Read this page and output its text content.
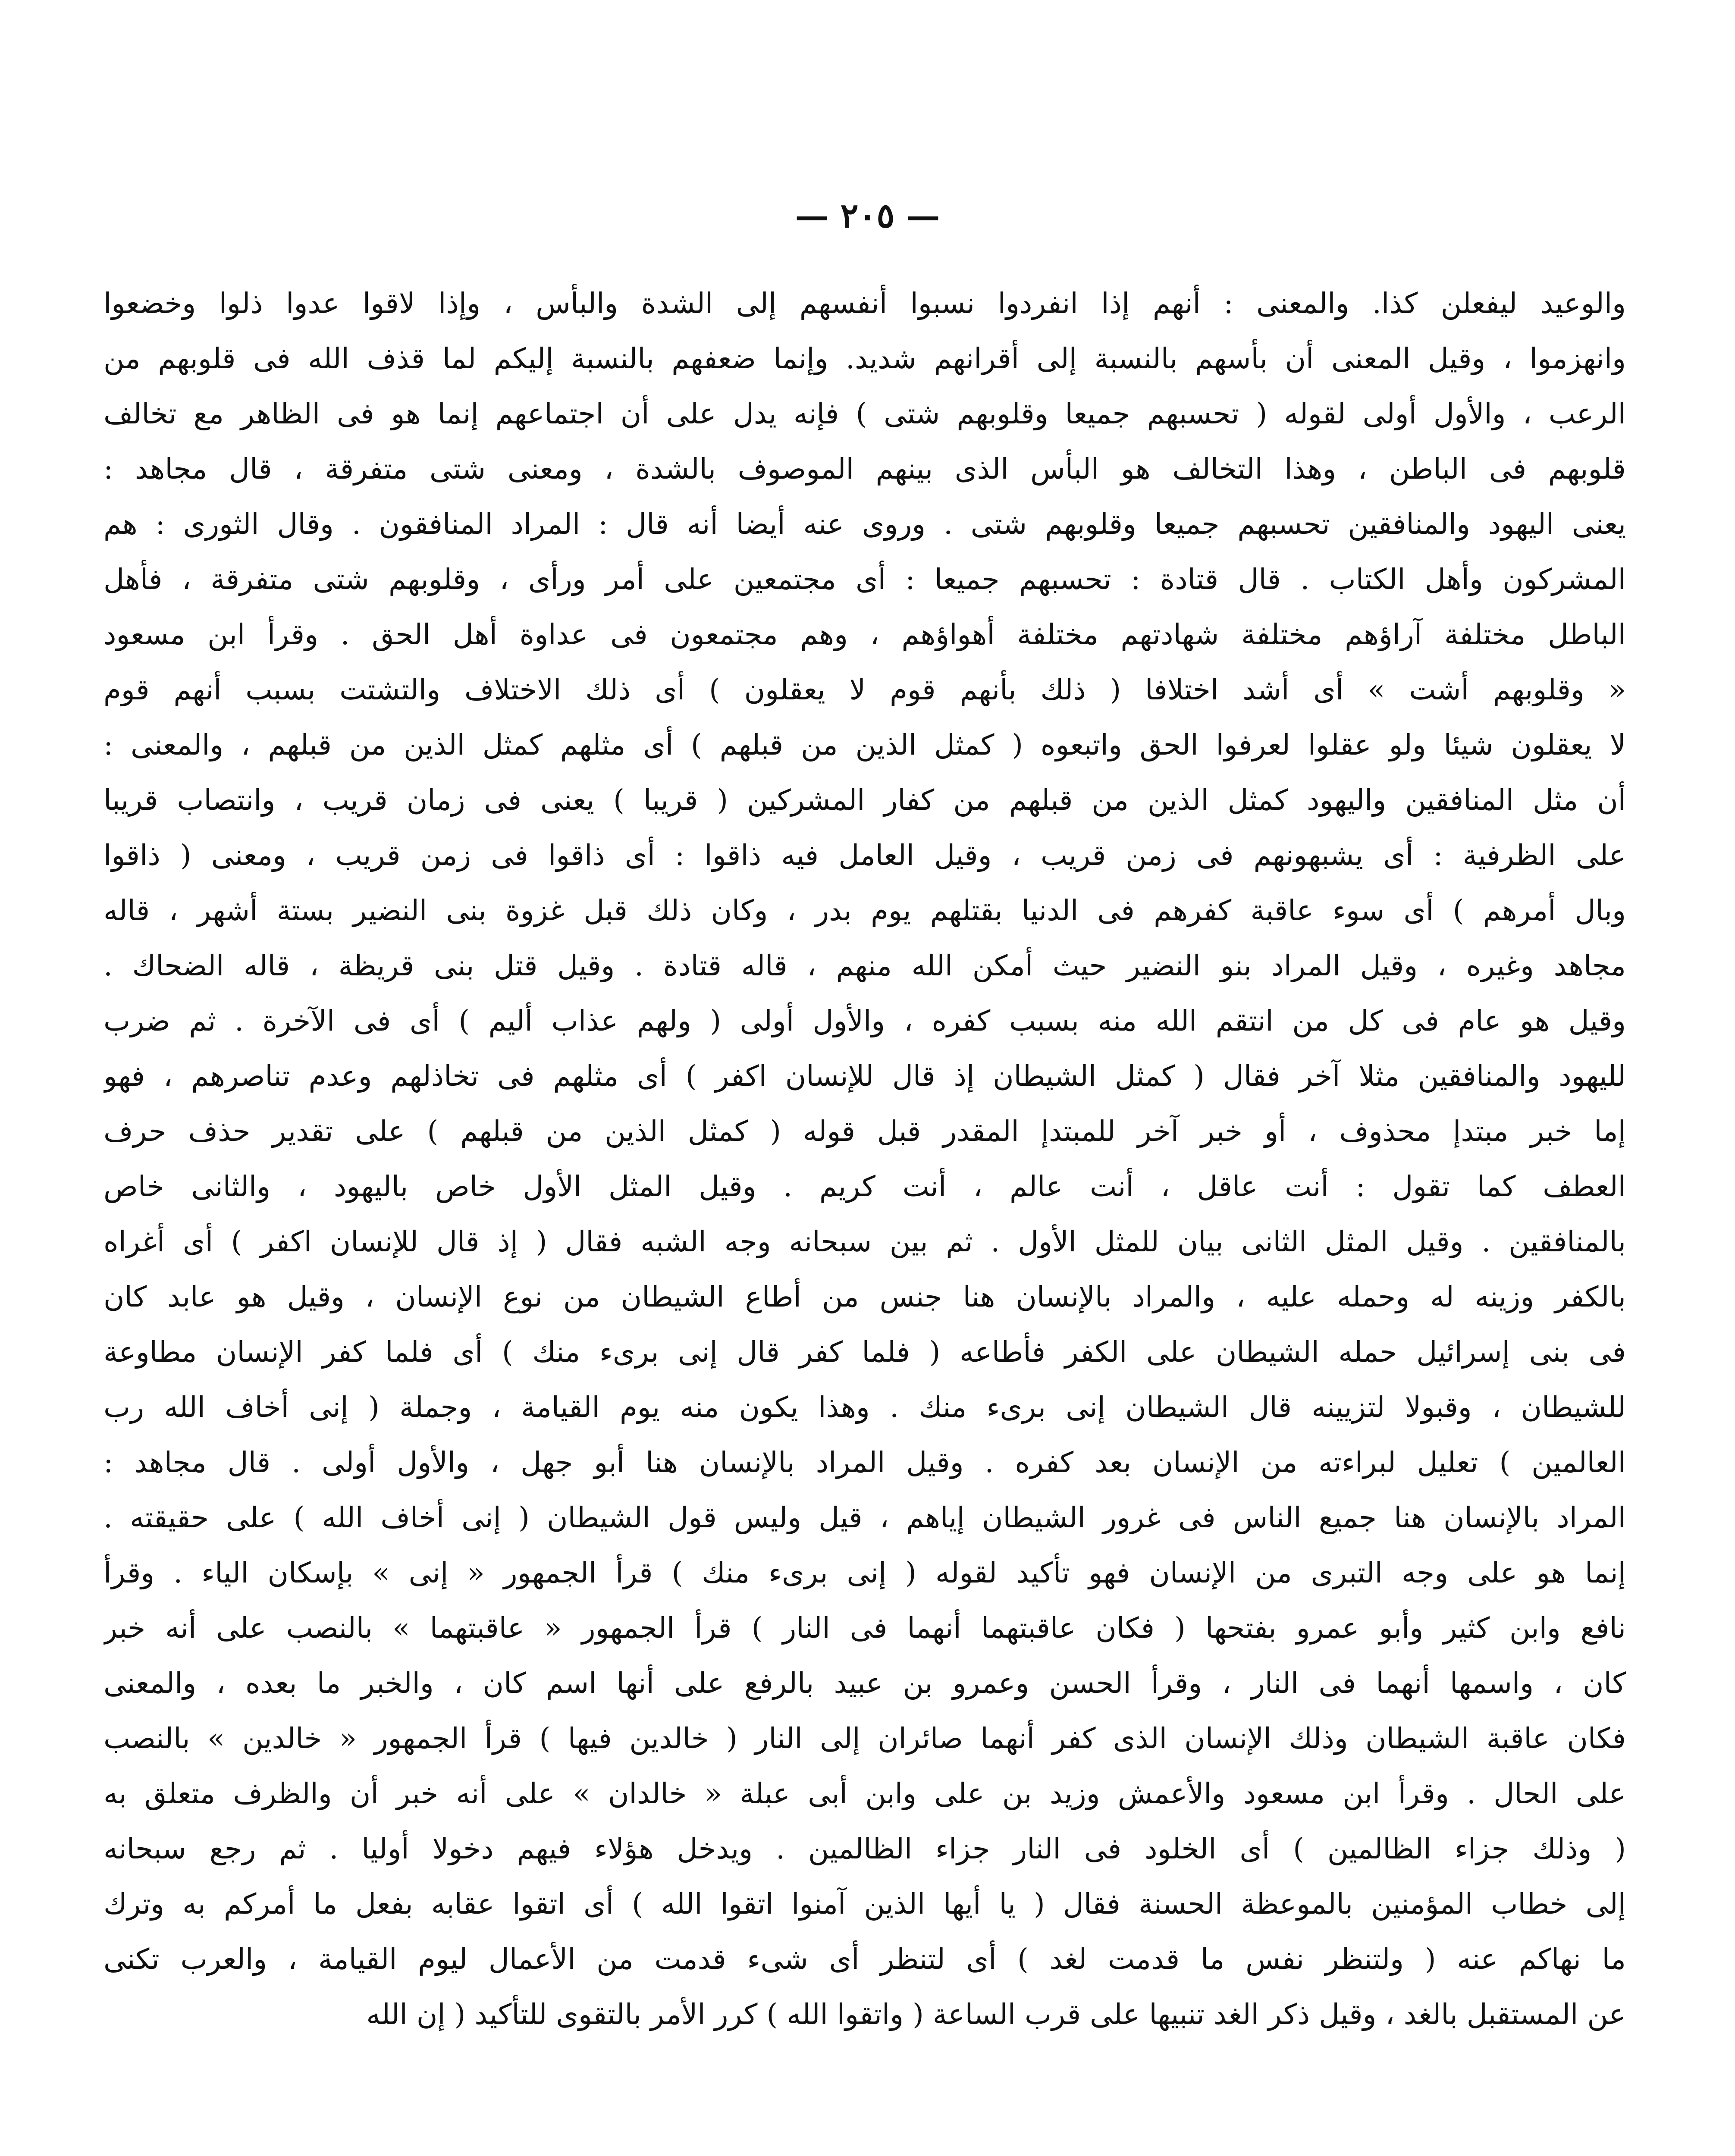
— ٢٠٥ —
والوعيد ليفعلن كذا. والمعنى : أنهم إذا انفردوا نسبوا أنفسهم إلى الشدة والبأس ، وإذا لاقوا عدوا ذلوا وخضعوا
وانهزموا ، وقيل المعنى أن بأسهم بالنسبة إلى أقرانهم شديد. وإنما ضعفهم بالنسبة إليكم لما قذف الله فى قلوبهم من
الرعب ، والأول أولى لقوله ( تحسبهم جميعا وقلوبهم شتى ) فإنه يدل على أن اجتماعهم إنما هو فى الظاهر مع تخالف
قلوبهم فى الباطن ، وهذا التخالف هو البأس الذى بينهم الموصوف بالشدة ، ومعنى شتى متفرقة ، قال مجاهد :
يعنى اليهود والمنافقين تحسبهم جميعا وقلوبهم شتى . وروى عنه أيضا أنه قال : المراد المنافقون . وقال الثورى : هم
المشركون وأهل الكتاب . قال قتادة : تحسبهم جميعا : أى مجتمعين على أمر ورأى ، وقلوبهم شتى متفرقة ، فأهل
الباطل مختلفة آراؤهم مختلفة شهادتهم مختلفة أهواؤهم ، وهم مجتمعون فى عداوة أهل الحق . وقرأ ابن مسعود
« وقلوبهم أشت » أى أشد اختلافا ( ذلك بأنهم قوم لا يعقلون ) أى ذلك الاختلاف والتشتت بسبب أنهم قوم
لا يعقلون شيئا ولو عقلوا لعرفوا الحق واتبعوه ( كمثل الذين من قبلهم ) أى مثلهم كمثل الذين من قبلهم ، والمعنى :
أن مثل المنافقين واليهود كمثل الذين من قبلهم من كفار المشركين ( قريبا ) يعنى فى زمان قريب ، وانتصاب قريبا
على الظرفية : أى يشبهونهم فى زمن قريب ، وقيل العامل فيه ذاقوا : أى ذاقوا فى زمن قريب ، ومعنى ( ذاقوا
وبال أمرهم ) أى سوء عاقبة كفرهم فى الدنيا بقتلهم يوم بدر ، وكان ذلك قبل غزوة بنى النضير بستة أشهر ، قاله
مجاهد وغيره ، وقيل المراد بنو النضير حيث أمكن الله منهم ، قاله قتادة . وقيل قتل بنى قريظة ، قاله الضحاك .
وقيل هو عام فى كل من انتقم الله منه بسبب كفره ، والأول أولى ( ولهم عذاب أليم ) أى فى الآخرة . ثم ضرب
لليهود والمنافقين مثلا آخر فقال ( كمثل الشيطان إذ قال للإنسان اكفر ) أى مثلهم فى تخاذلهم وعدم تناصرهم ، فهو
إما خبر مبتدإ محذوف ، أو خبر آخر للمبتدإ المقدر قبل قوله ( كمثل الذين من قبلهم ) على تقدير حذف حرف
العطف كما تقول : أنت عاقل ، أنت عالم ، أنت كريم . وقيل المثل الأول خاص باليهود ، والثانى خاص
بالمنافقين . وقيل المثل الثانى بيان للمثل الأول . ثم بين سبحانه وجه الشبه فقال ( إذ قال للإنسان اكفر ) أى أغراه
بالكفر وزينه له وحمله عليه ، والمراد بالإنسان هنا جنس من أطاع الشيطان من نوع الإنسان ، وقيل هو عابد كان
فى بنى إسرائيل حمله الشيطان على الكفر فأطاعه ( فلما كفر قال إنى برىء منك ) أى فلما كفر الإنسان مطاوعة
للشيطان ، وقبولا لتزيينه قال الشيطان إنى برىء منك . وهذا يكون منه يوم القيامة ، وجملة ( إنى أخاف الله رب
العالمين ) تعليل لبراءته من الإنسان بعد كفره . وقيل المراد بالإنسان هنا أبو جهل ، والأول أولى . قال مجاهد :
المراد بالإنسان هنا جميع الناس فى غرور الشيطان إياهم ، قيل وليس قول الشيطان ( إنى أخاف الله ) على حقيقته .
إنما هو على وجه التبرى من الإنسان فهو تأكيد لقوله ( إنى برىء منك ) قرأ الجمهور « إنى » بإسكان الياء . وقرأ
نافع وابن كثير وأبو عمرو بفتحها ( فكان عاقبتهما أنهما فى النار ) قرأ الجمهور « عاقبتهما » بالنصب على أنه خبر
كان ، واسمها أنهما فى النار ، وقرأ الحسن وعمرو بن عبيد بالرفع على أنها اسم كان ، والخبر ما بعده ، والمعنى
فكان عاقبة الشيطان وذلك الإنسان الذى كفر أنهما صائران إلى النار ( خالدين فيها ) قرأ الجمهور « خالدين » بالنصب
على الحال . وقرأ ابن مسعود والأعمش وزيد بن على وابن أبى عبلة « خالدان » على أنه خبر أن والظرف متعلق به
( وذلك جزاء الظالمين ) أى الخلود فى النار جزاء الظالمين . ويدخل هؤلاء فيهم دخولا أوليا . ثم رجع سبحانه
إلى خطاب المؤمنين بالموعظة الحسنة فقال ( يا أيها الذين آمنوا اتقوا الله ) أى اتقوا عقابه بفعل ما أمركم به وترك
ما نهاكم عنه ( ولتنظر نفس ما قدمت لغد ) أى لتنظر أى شىء قدمت من الأعمال ليوم القيامة ، والعرب تكنى
عن المستقبل بالغد ، وقيل ذكر الغد تنبيها على قرب الساعة ( واتقوا الله ) كرر الأمر بالتقوى للتأكيد ( إن الله
